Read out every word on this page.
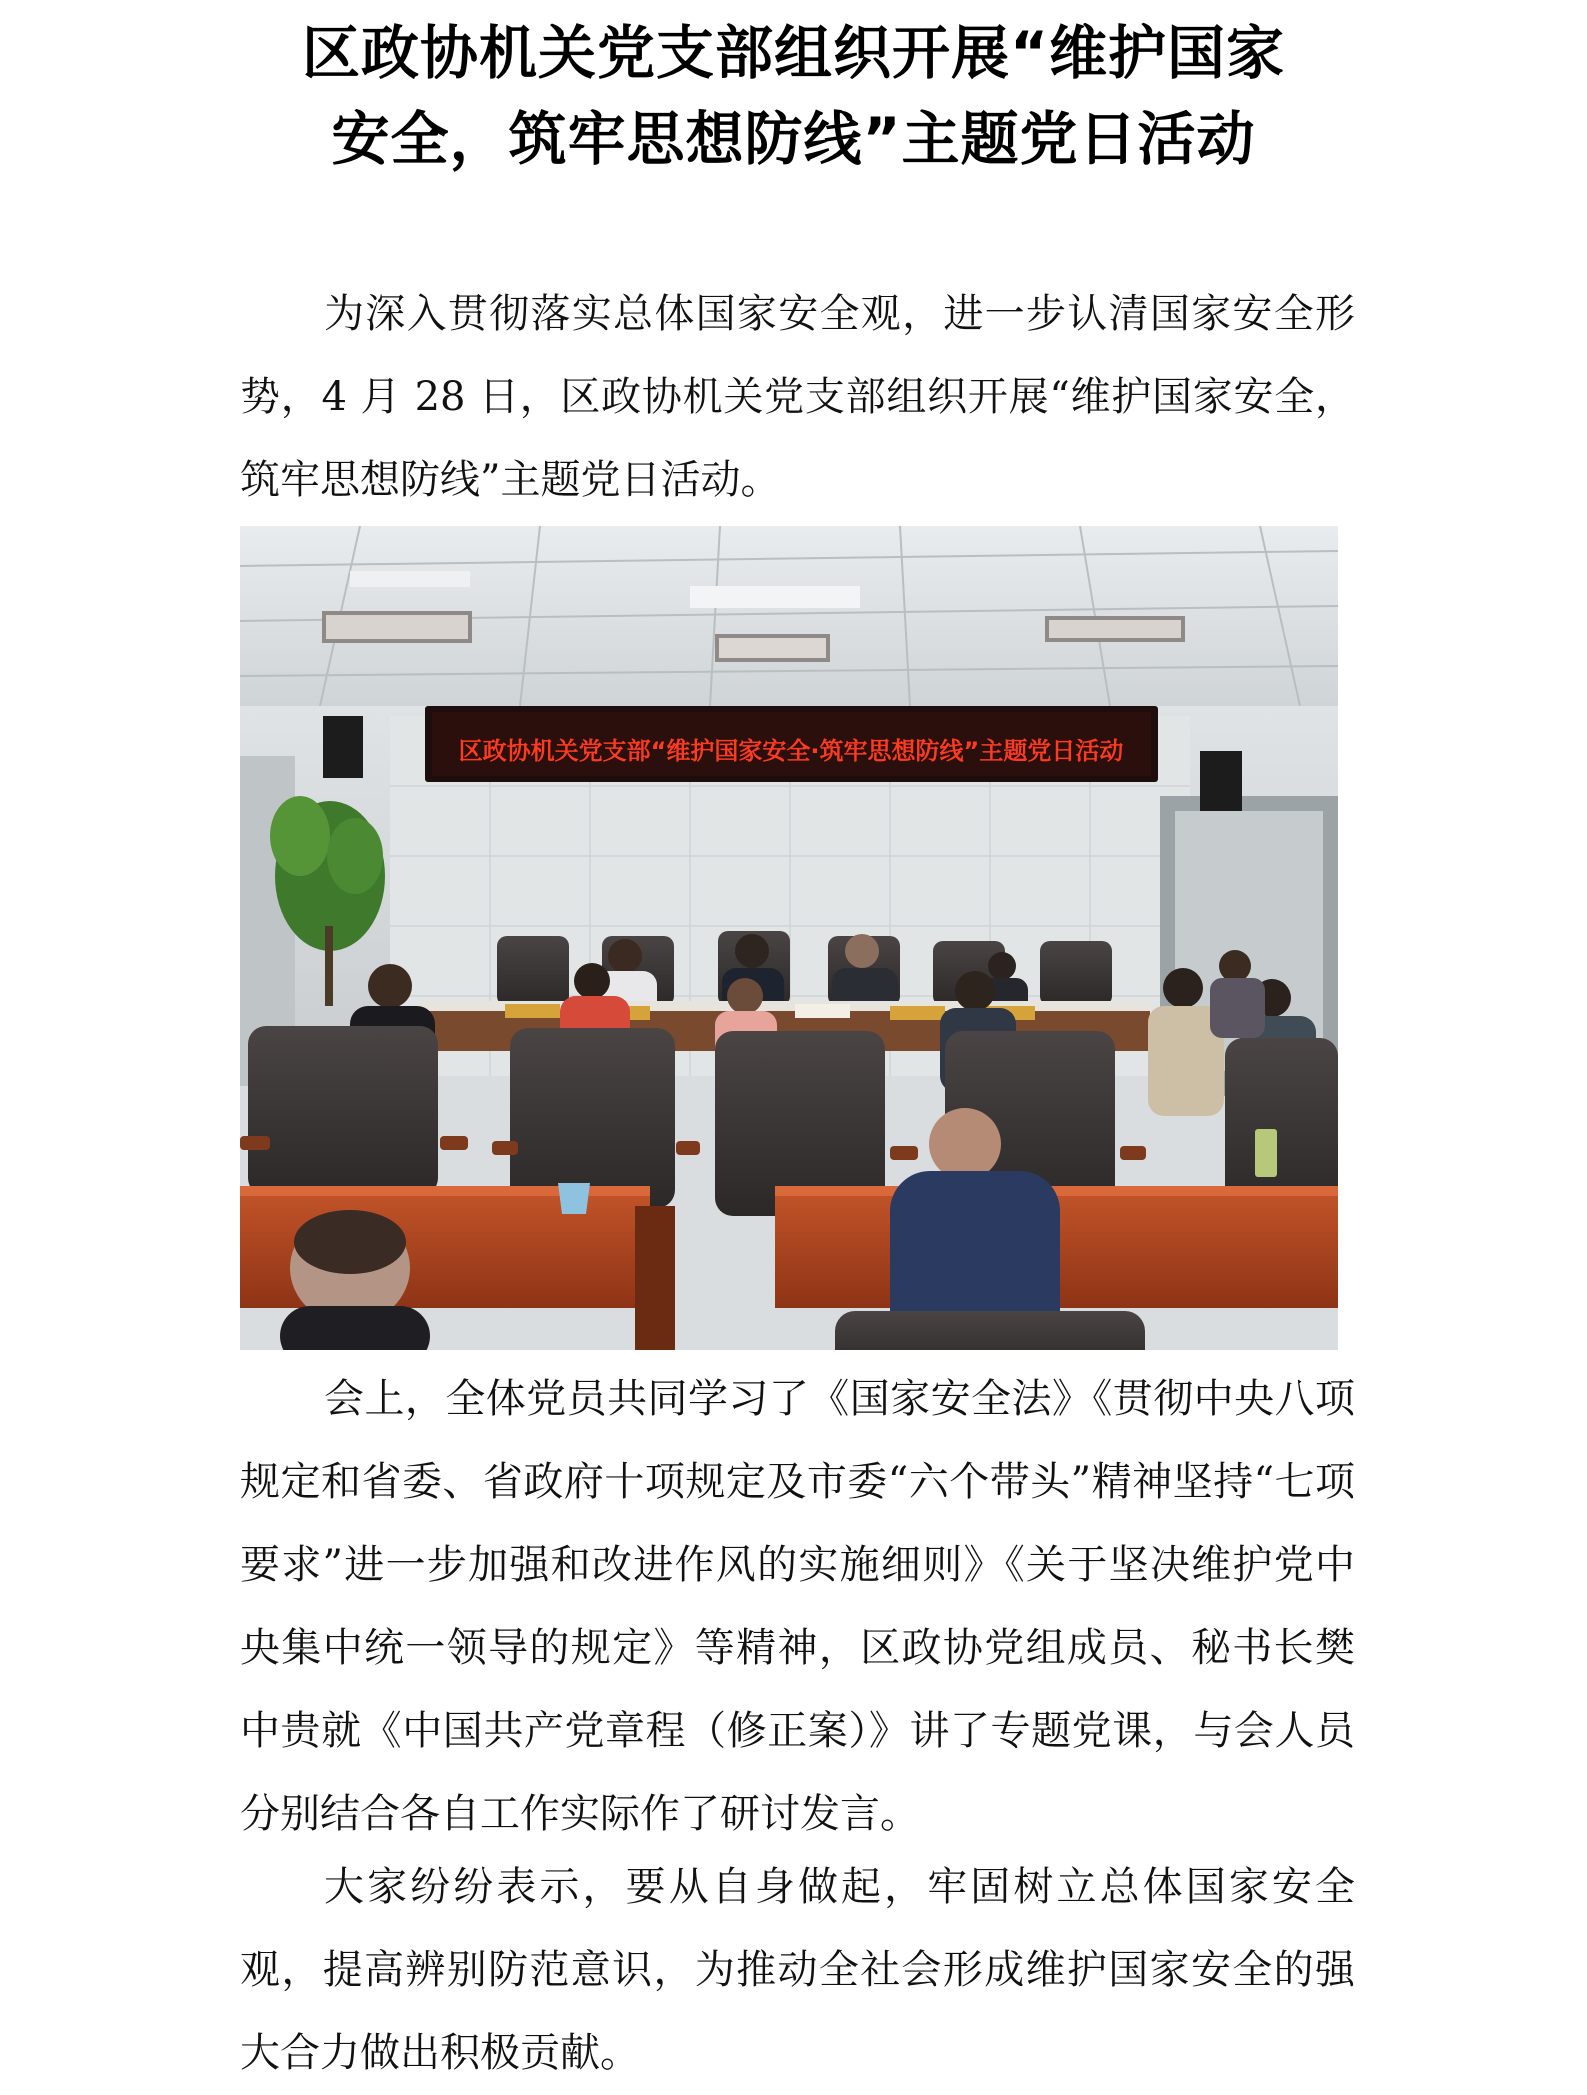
区政协机关党支部组织开展“维护国家
安全，筑牢思想防线”主题党日活动

为深入贯彻落实总体国家安全观，进一步认清国家安全形势，4 月 28 日，区政协机关党支部组织开展“维护国家安全，筑牢思想防线”主题党日活动。

区政协机关党支部“维护国家安全·筑牢思想防线”主题党日活动

会上，全体党员共同学习了《国家安全法》《贯彻中央八项规定和省委、省政府十项规定及市委“六个带头”精神坚持“七项要求”进一步加强和改进作风的实施细则》《关于坚决维护党中央集中统一领导的规定》等精神，区政协党组成员、秘书长樊中贵就《中国共产党章程（修正案）》讲了专题党课，与会人员分别结合各自工作实际作了研讨发言。

大家纷纷表示，要从自身做起，牢固树立总体国家安全观，提高辨别防范意识，为推动全社会形成维护国家安全的强大合力做出积极贡献。
